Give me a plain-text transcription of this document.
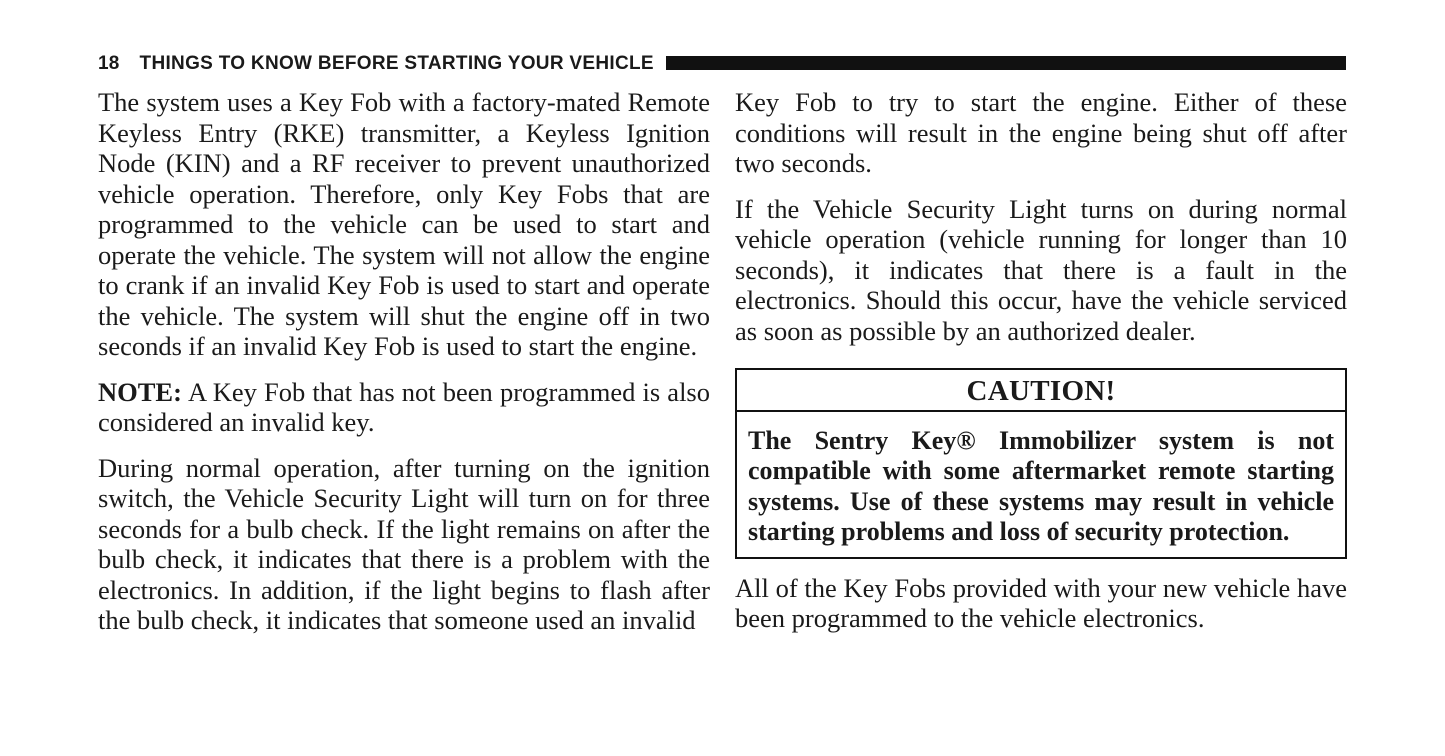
18 THINGS TO KNOW BEFORE STARTING YOUR VEHICLE

The system uses a Key Fob with a factory-mated Remote Keyless Entry (RKE) transmitter, a Keyless Ignition Node (KIN) and a RF receiver to prevent unauthorized vehicle operation. Therefore, only Key Fobs that are programmed to the vehicle can be used to start and operate the vehicle. The system will not allow the engine to crank if an invalid Key Fob is used to start and operate the vehicle. The system will shut the engine off in two seconds if an invalid Key Fob is used to start the engine.

NOTE: A Key Fob that has not been programmed is also considered an invalid key.

During normal operation, after turning on the ignition switch, the Vehicle Security Light will turn on for three seconds for a bulb check. If the light remains on after the bulb check, it indicates that there is a problem with the electronics. In addition, if the light begins to flash after the bulb check, it indicates that someone used an invalid

Key Fob to try to start the engine. Either of these conditions will result in the engine being shut off after two seconds.

If the Vehicle Security Light turns on during normal vehicle operation (vehicle running for longer than 10 seconds), it indicates that there is a fault in the electronics. Should this occur, have the vehicle serviced as soon as possible by an authorized dealer.

CAUTION!
The Sentry Key® Immobilizer system is not compatible with some aftermarket remote starting systems. Use of these systems may result in vehicle starting problems and loss of security protection.

All of the Key Fobs provided with your new vehicle have been programmed to the vehicle electronics.
